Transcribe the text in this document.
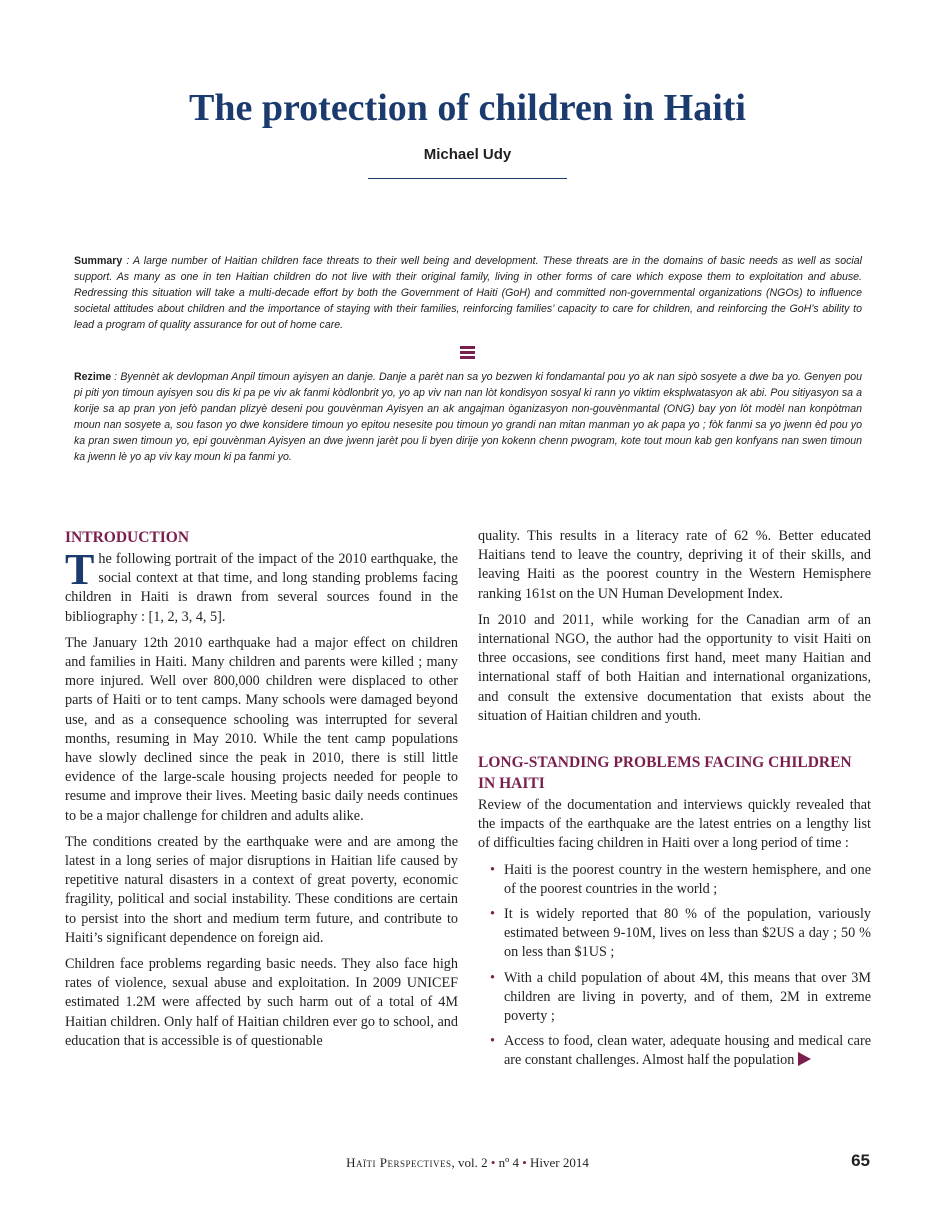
The protection of children in Haiti
Michael Udy

Summary : A large number of Haitian children face threats to their well being and development. These threats are in the domains of basic needs as well as social support. As many as one in ten Haitian children do not live with their original family, living in other forms of care which expose them to exploitation and abuse. Redressing this situation will take a multi-decade effort by both the Government of Haiti (GoH) and committed non-governmental organizations (NGOs) to influence societal attitudes about children and the importance of staying with their families, reinforcing families’ capacity to care for children, and reinforcing the GoH’s ability to lead a program of quality assurance for out of home care.

Rezime : Byennèt ak devlopman Anpil timoun ayisyen an danje. Danje a parèt nan sa yo bezwen ki fondamantal pou yo ak nan sipò sosyete a dwe ba yo. Genyen pou pi piti yon timoun ayisyen sou dis ki pa pe viv ak fanmi kòdlonbrit yo, yo ap viv nan nan lòt kondisyon sosyal ki rann yo viktim eksplwatasyon ak abi. Pou sitiyasyon sa a korije sa ap pran yon jefò pandan plizyè deseni pou gouvènman Ayisyen an ak angajman òganizasyon non-gouvènmantal (ONG) bay yon lòt modèl nan konpòtman moun nan sosyete a, sou fason yo dwe konsidere timoun yo epitou nesesite pou timoun yo grandi nan mitan manman yo ak papa yo ; fòk fanmi sa yo jwenn èd pou yo ka pran swen timoun yo, epi gouvènman Ayisyen an dwe jwenn jarèt pou li byen dirije yon kokenn chenn pwogram, kote tout moun kab gen konfyans nan swen timoun ka jwenn lè yo ap viv kay moun ki pa fanmi yo.

INTRODUCTION

The following portrait of the impact of the 2010 earthquake, the social context at that time, and long standing problems facing children in Haiti is drawn from several sources found in the bibliography : [1, 2, 3, 4, 5].

The January 12th 2010 earthquake had a major effect on children and families in Haiti. Many children and parents were killed ; many more injured. Well over 800,000 children were displaced to other parts of Haiti or to tent camps. Many schools were damaged beyond use, and as a consequence schooling was interrupted for several months, resuming in May 2010. While the tent camp populations have slowly declined since the peak in 2010, there is still little evidence of the large-scale housing projects needed for people to resume and improve their lives. Meeting basic daily needs continues to be a major challenge for children and adults alike.

The conditions created by the earthquake were and are among the latest in a long series of major disruptions in Haitian life caused by repetitive natural disasters in a context of great poverty, economic fragility, political and social instability. These conditions are certain to persist into the short and medium term future, and contribute to Haiti’s significant dependence on foreign aid.

Children face problems regarding basic needs. They also face high rates of violence, sexual abuse and exploitation. In 2009 UNICEF estimated 1.2M were affected by such harm out of a total of 4M Haitian children. Only half of Haitian children ever go to school, and education that is accessible is of questionable

quality. This results in a literacy rate of 62 %. Better educated Haitians tend to leave the country, depriving it of their skills, and leaving Haiti as the poorest country in the Western Hemisphere ranking 161st on the UN Human Development Index.

In 2010 and 2011, while working for the Canadian arm of an international NGO, the author had the opportunity to visit Haiti on three occasions, see conditions first hand, meet many Haitian and international staff of both Haitian and international organizations, and consult the extensive documentation that exists about the situation of Haitian children and youth.

LONG-STANDING PROBLEMS FACING CHILDREN IN HAITI

Review of the documentation and interviews quickly revealed that the impacts of the earthquake are the latest entries on a lengthy list of difficulties facing children in Haiti over a long period of time :

• Haiti is the poorest country in the western hemisphere, and one of the poorest countries in the world ;
• It is widely reported that 80 % of the population, variously estimated between 9-10M, lives on less than $2US a day ; 50 % on less than $1US ;
• With a child population of about 4M, this means that over 3M children are living in poverty, and of them, 2M in extreme poverty ;
• Access to food, clean water, adequate housing and medical care are constant challenges. Almost half the population
Haïti Perspectives, vol. 2 • nº 4 • Hiver 2014	65
